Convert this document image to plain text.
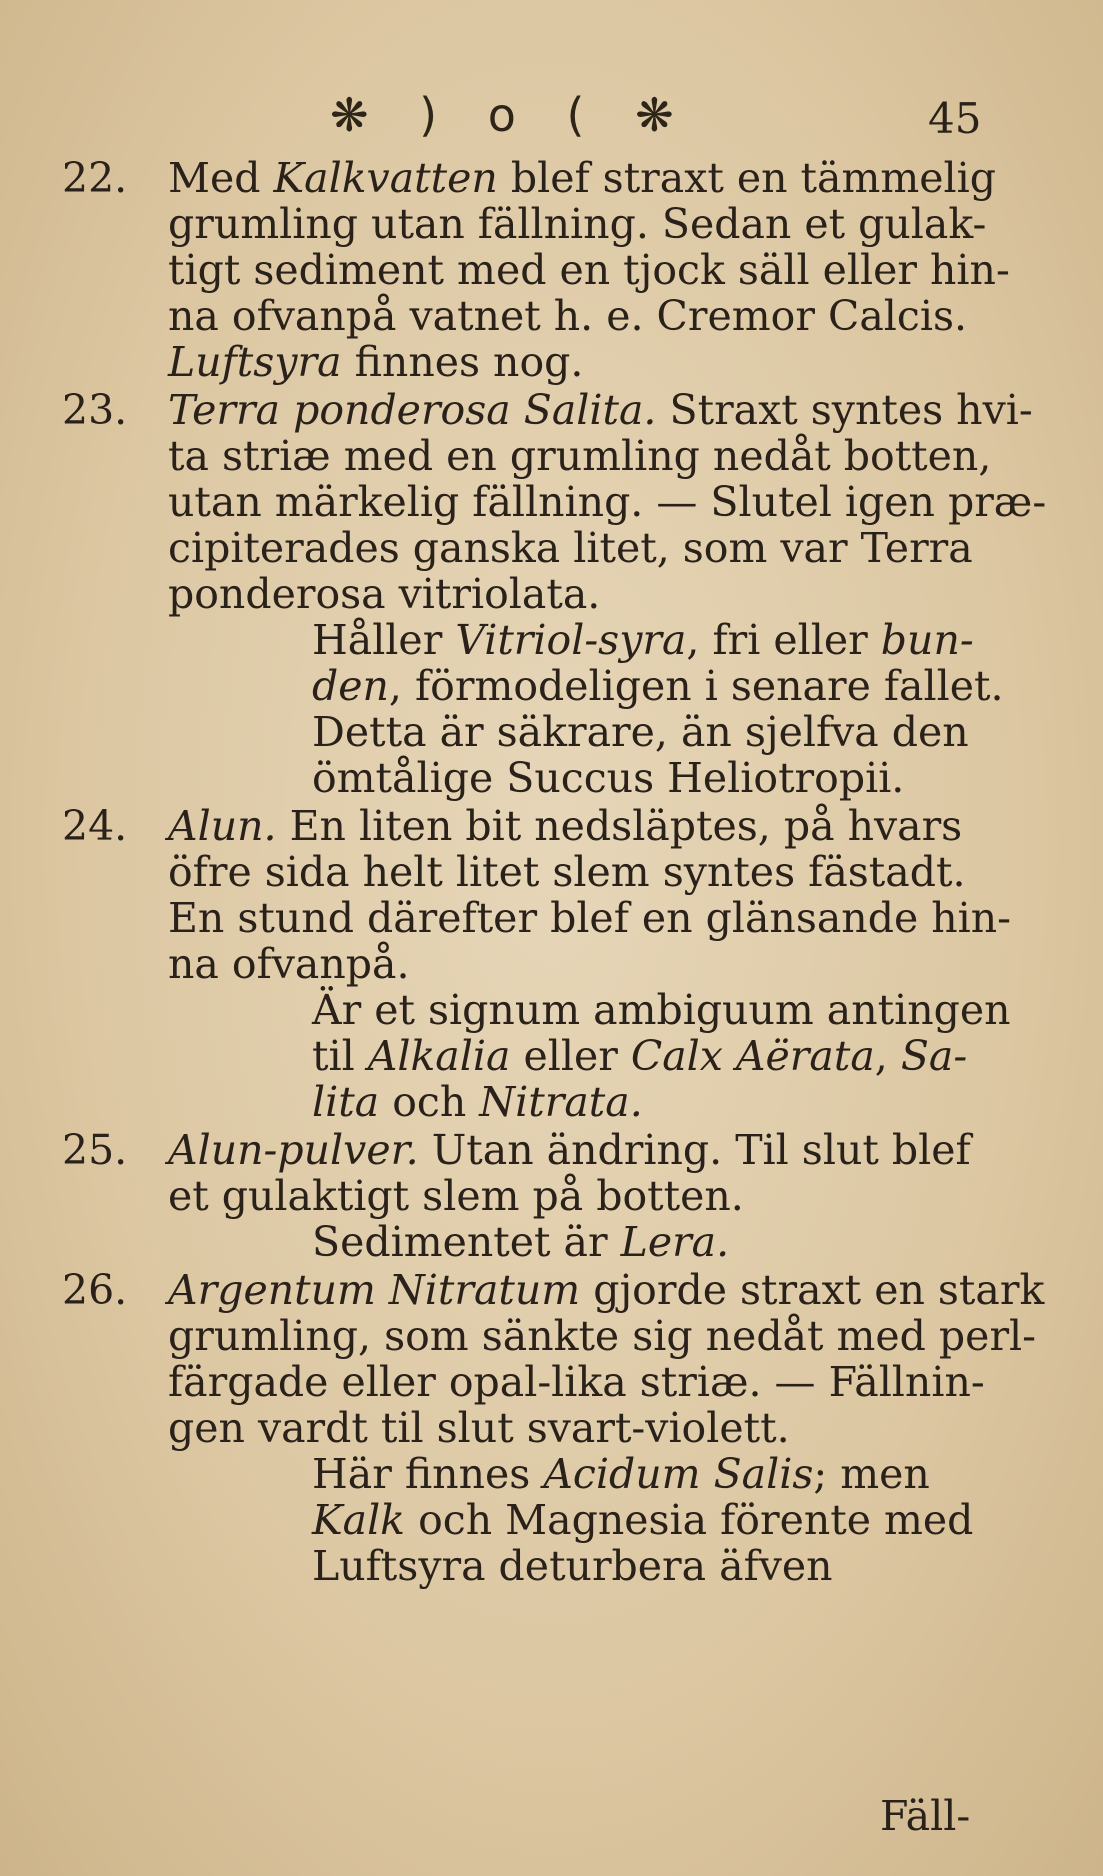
❋ ) o ( ❋	45
22. Med Kalkvatten blef straxt en tämmelig
grumling utan fällning. Sedan et gulak-
tigt sediment med en tjock säll eller hin-
na ofvanpå vatnet h. e. Cremor Calcis.
Luftsyra finnes nog.
23. Terra ponderosa Salita. Straxt syntes hvi-
ta striæ med en grumling nedåt botten,
utan märkelig fällning. — Slutel igen præ-
cipiterades ganska litet, som var Terra
ponderosa vitriolata.
Håller Vitriol-syra, fri eller bun-
den, förmodeligen i senare fallet.
Detta är säkrare, än sjelfva den
ömtålige Succus Heliotropii.
24. Alun. En liten bit nedsläptes, på hvars
öfre sida helt litet slem syntes fästadt.
En stund därefter blef en glänsande hin-
na ofvanpå.
Är et signum ambiguum antingen
til Alkalia eller Calx Aërata, Sa-
lita och Nitrata.
25. Alun-pulver. Utan ändring. Til slut blef
et gulaktigt slem på botten.
Sedimentet är Lera.
26. Argentum Nitratum gjorde straxt en stark
grumling, som sänkte sig nedåt med perl-
färgade eller opal-lika striæ. — Fällnin-
gen vardt til slut svart-violett.
Här finnes Acidum Salis; men
Kalk och Magnesia förente med
Luftsyra deturbera äfven
Fäll-
